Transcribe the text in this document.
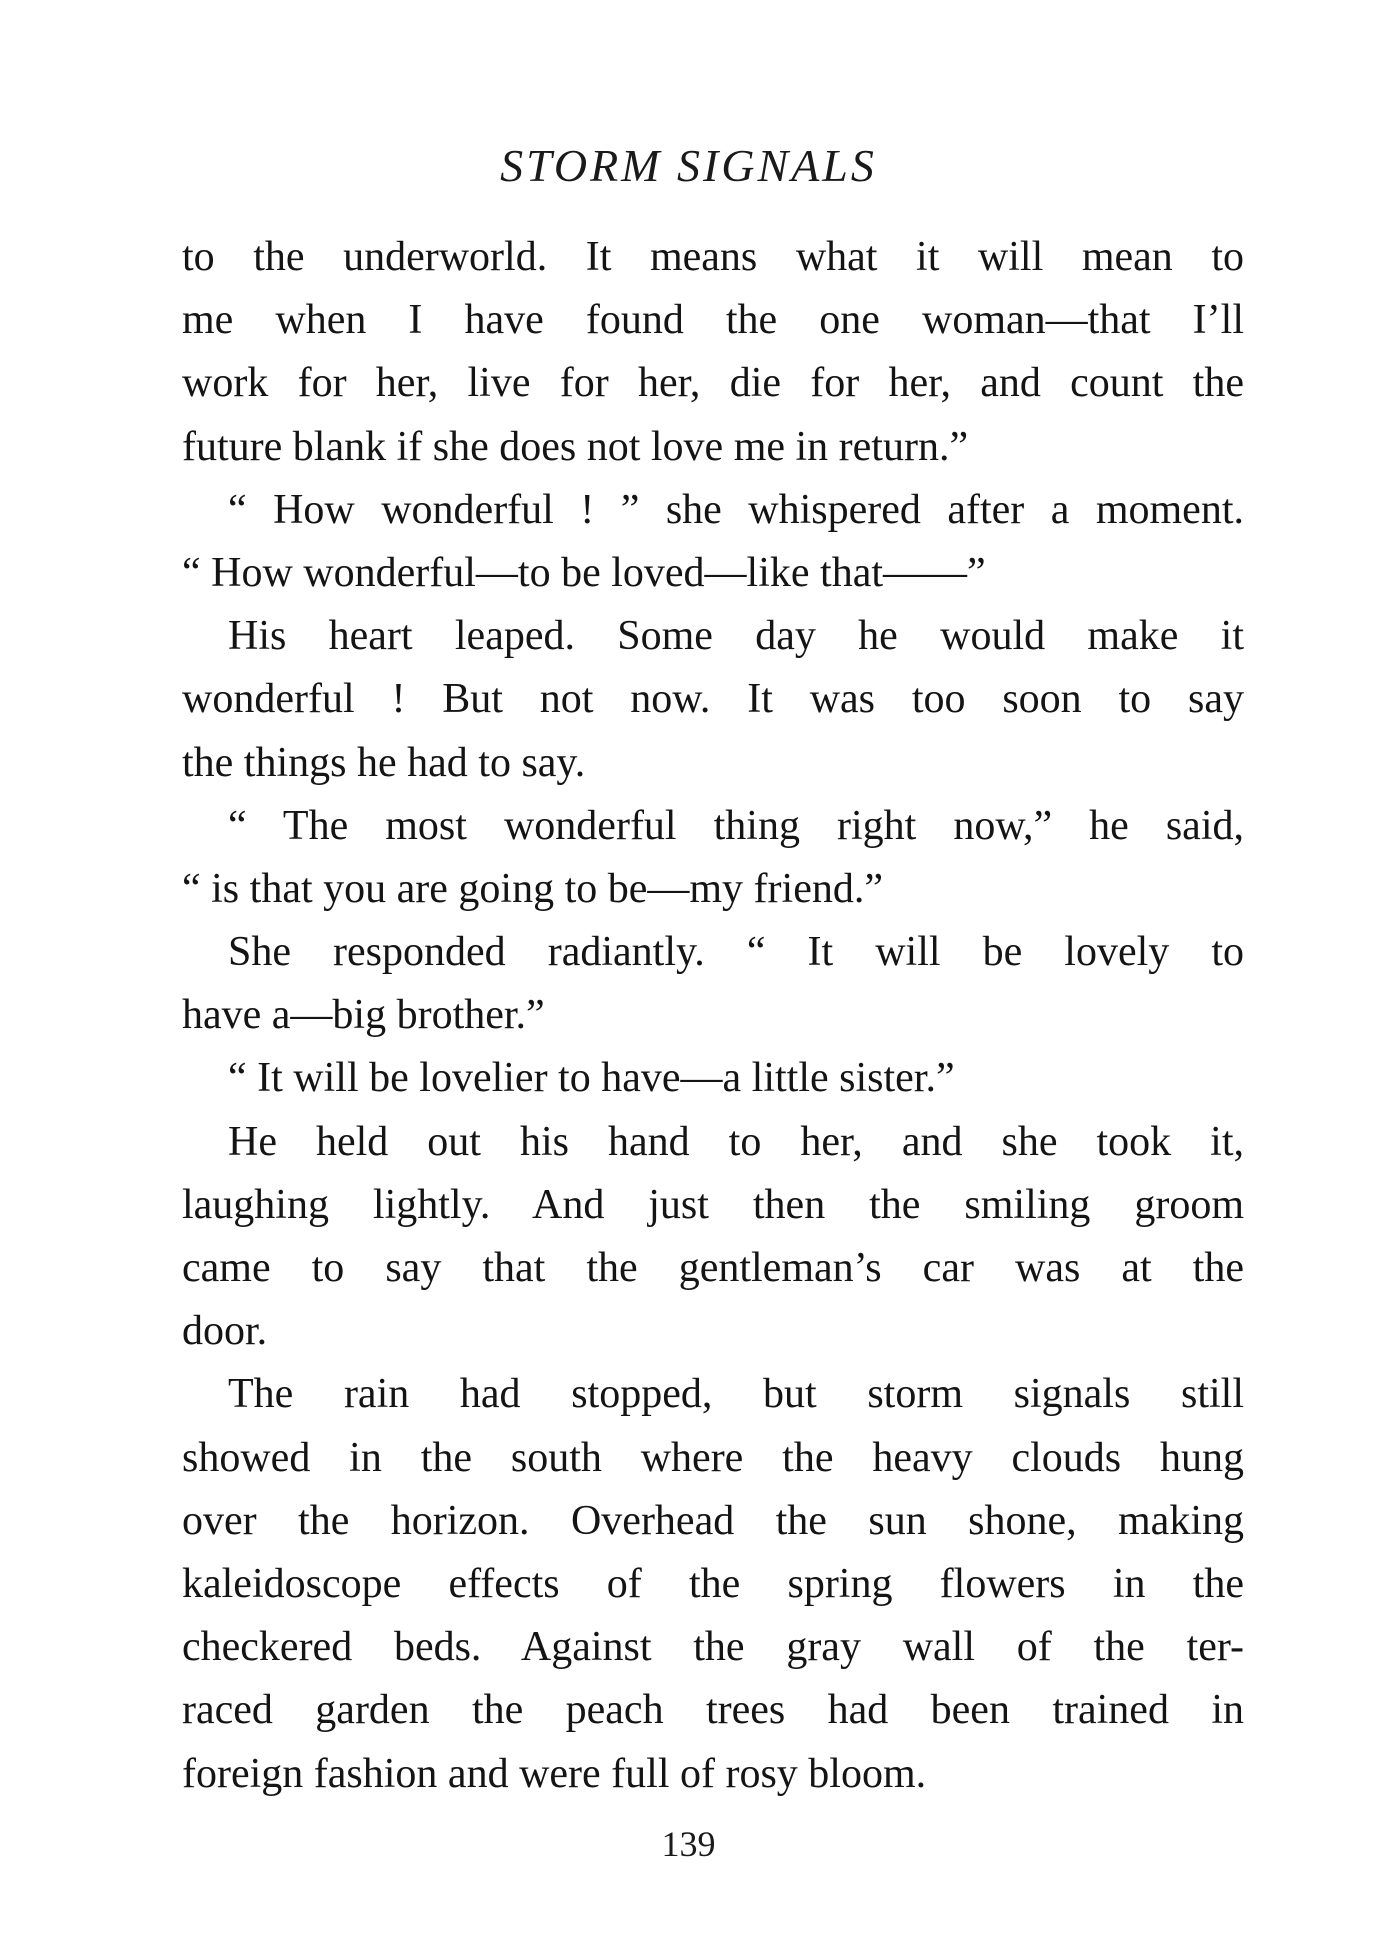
STORM SIGNALS
to the underworld. It means what it will mean to
me when I have found the one woman—that I’ll
work for her, live for her, die for her, and count the
future blank if she does not love me in return.”
“ How wonderful ! ” she whispered after a moment.
“ How wonderful—to be loved—like that——”
His heart leaped. Some day he would make it
wonderful ! But not now. It was too soon to say
the things he had to say.
“ The most wonderful thing right now,” he said,
“ is that you are going to be—my friend.”
She responded radiantly. “ It will be lovely to
have a—big brother.”
“ It will be lovelier to have—a little sister.”
He held out his hand to her, and she took it,
laughing lightly. And just then the smiling groom
came to say that the gentleman’s car was at the
door.
The rain had stopped, but storm signals still
showed in the south where the heavy clouds hung
over the horizon. Overhead the sun shone, making
kaleidoscope effects of the spring flowers in the
checkered beds. Against the gray wall of the ter-
raced garden the peach trees had been trained in
foreign fashion and were full of rosy bloom.
139
